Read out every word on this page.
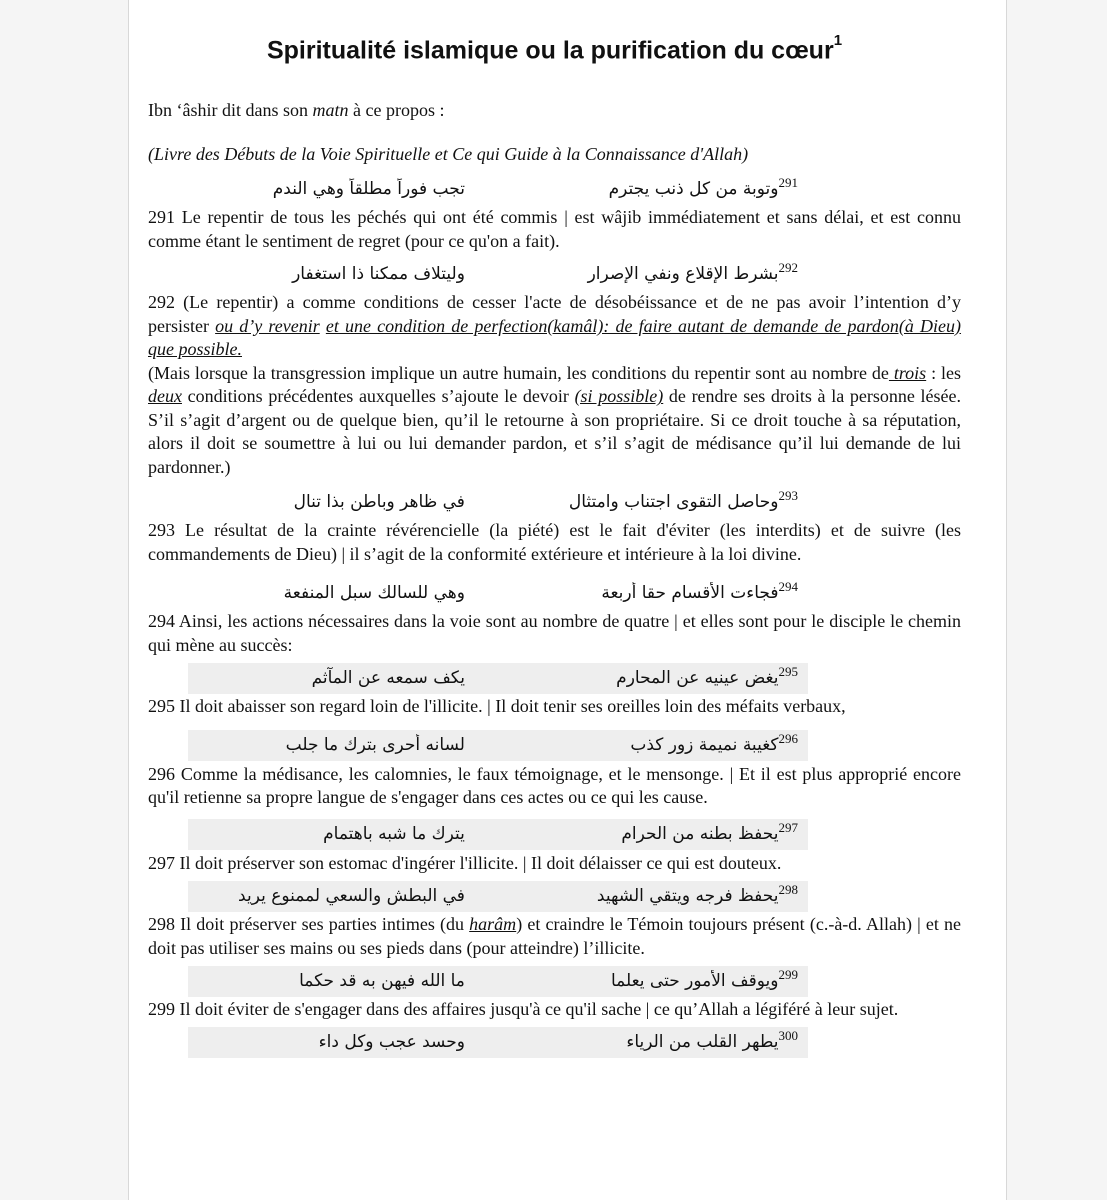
Spiritualité islamique ou la purification du cœur$^1$

Ibn ‘âshir dit dans son matn à ce propos :

(Livre des Débuts de la Voie Spirituelle et Ce qui Guide à la Connaissance d'Allah)

تجب فوراً مطلقاً وهي الندم	وتوبة من كل ذنب يجترم 291

291 Le repentir de tous les péchés qui ont été commis | est wâjib immédiatement et sans délai, et est connu comme étant le sentiment de regret (pour ce qu'on a fait).

وليتلاف ممكنا ذا استغفار	بشرط الإقلاع ونفي الإصرار 292

292 (Le repentir) a comme conditions de cesser l'acte de désobéissance et de ne pas avoir l’intention d’y persister ou d’y revenir et une condition de perfection(kamâl): de faire autant de demande de pardon(à Dieu) que possible.

(Mais lorsque la transgression implique un autre humain, les conditions du repentir sont au nombre de trois : les deux conditions précédentes auxquelles s’ajoute le devoir (si possible) de rendre ses droits à la personne lésée. S’il s’agit d’argent ou de quelque bien, qu’il le retourne à son propriétaire. Si ce droit touche à sa réputation, alors il doit se soumettre à lui ou lui demander pardon, et s’il s’agit de médisance qu’il lui demande de lui pardonner.)

في ظاهر وباطن بذا تنال	وحاصل التقوى اجتناب وامتثال 293

293 Le résultat de la crainte révérencielle (la piété) est le fait d'éviter (les interdits) et de suivre (les commandements de Dieu) | il s’agit de la conformité extérieure et intérieure à la loi divine.

وهي للسالك سبل المنفعة	فجاءت الأقسام حقا أربعة 294

294 Ainsi, les actions nécessaires dans la voie sont au nombre de quatre | et elles sont pour le disciple le chemin qui mène au succès:

يكف سمعه عن المآثم	يغض عينيه عن المحارم 295

295 Il doit abaisser son regard loin de l'illicite. | Il doit tenir ses oreilles loin des méfaits verbaux,

لسانه أحرى بترك ما جلب	كغيبة نميمة زور كذب 296

296 Comme la médisance, les calomnies, le faux témoignage, et le mensonge. | Et il est plus approprié encore qu'il retienne sa propre langue de s'engager dans ces actes ou ce qui les cause.

يترك ما شبه باهتمام	يحفظ بطنه من الحرام 297

297 Il doit préserver son estomac d'ingérer l'illicite. | Il doit délaisser ce qui est douteux.

في البطش والسعي لممنوع يريد	يحفظ فرجه ويتقي الشهيد 298

298 Il doit préserver ses parties intimes (du harâm) et craindre le Témoin toujours présent (c.-à-d. Allah) | et ne doit pas utiliser ses mains ou ses pieds dans (pour atteindre) l’illicite.

ما الله فيهن به قد حكما	ويوقف الأمور حتى يعلما 299

299 Il doit éviter de s'engager dans des affaires jusqu'à ce qu'il sache | ce qu’Allah a légiféré à leur sujet.

وحسد عجب وكل داء	يطهر القلب من الرياء 300
